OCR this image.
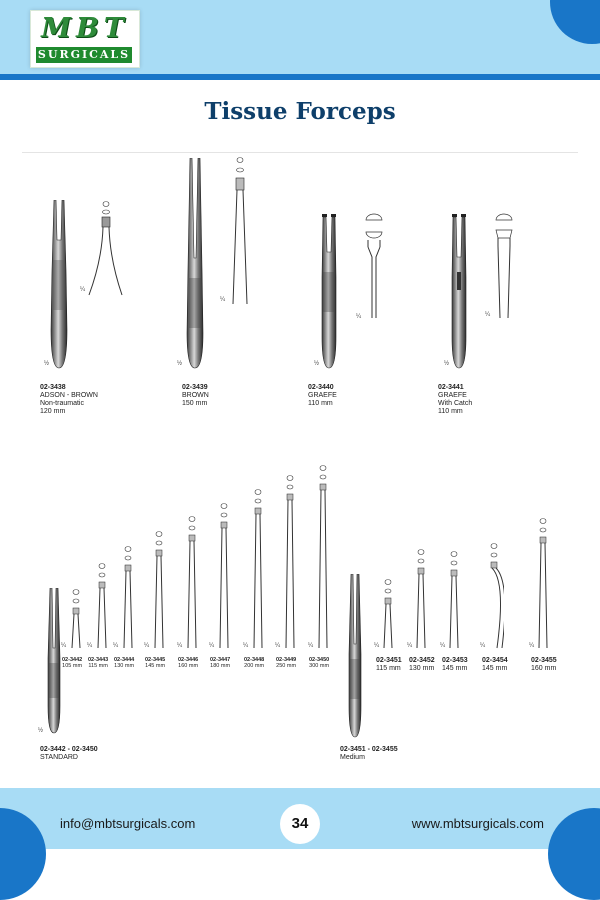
MBT
SURGICALS
Tissue Forceps
½
¼
02-3438
ADSON - BROWN
Non-traumatic
120 mm
½
¼
02-3439
BROWN
150 mm
½
¼
02-3440
GRAEFE
110 mm
½
¼
02-3441
GRAEFE
With Catch
110 mm
½
¼
02-3442
105 mm
¼
02-3443
115 mm
¼
02-3444
130 mm
¼
02-3445
145 mm
¼
02-3446
160 mm
¼
02-3447
180 mm
¼
02-3448
200 mm
¼
02-3449
250 mm
¼
02-3450
300 mm
02-3442 - 02-3450
STANDARD
¼
02-3451
115 mm
¼
02-3452
130 mm
¼
02-3453
145 mm
¼
02-3454
145 mm
¼
02-3455
160 mm
02-3451 - 02-3455
Medium
info@mbtsurgicals.com	34	www.mbtsurgicals.com
